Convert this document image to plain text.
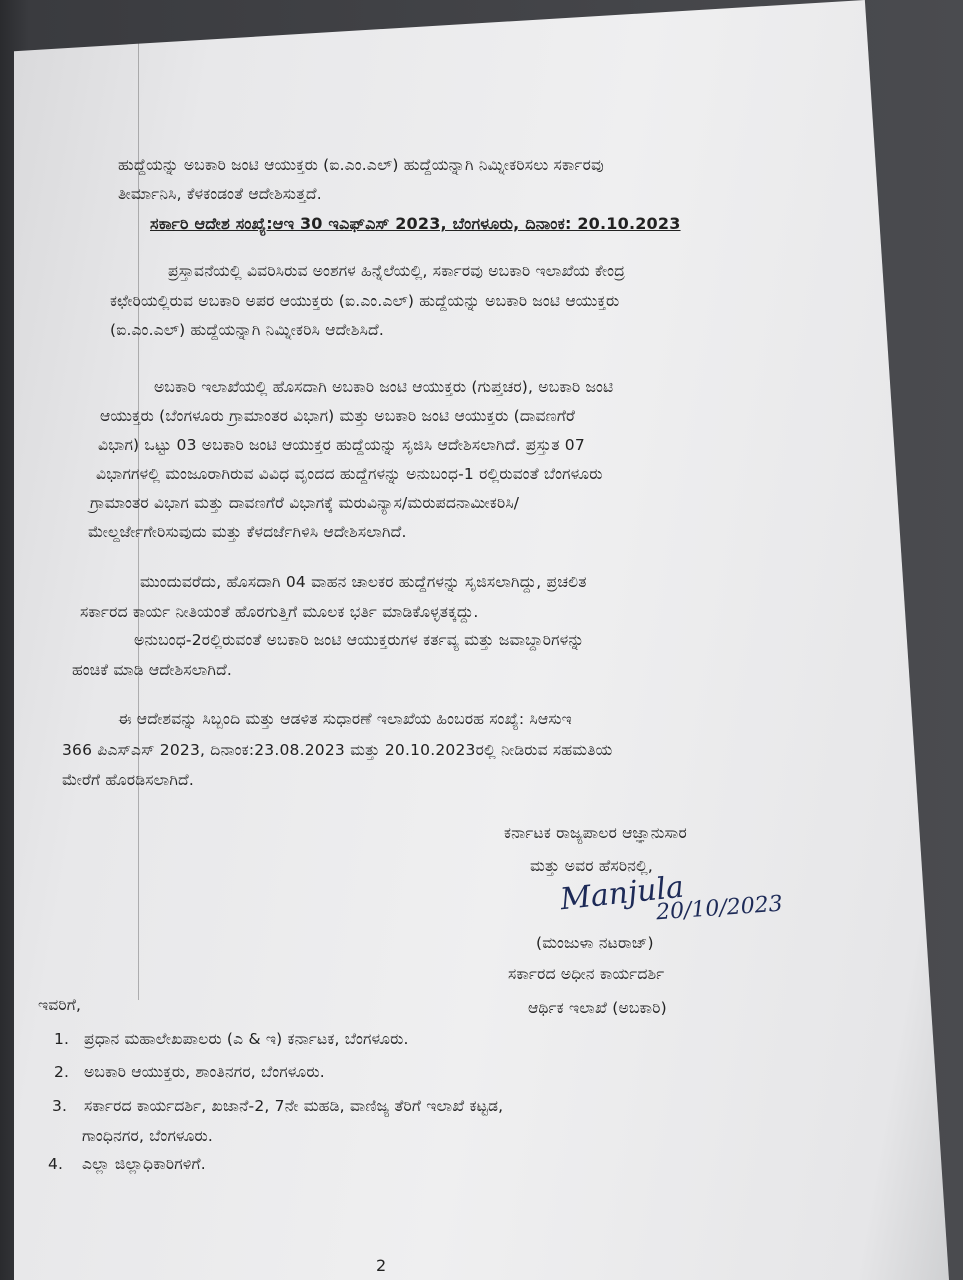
ಹುದ್ದೆಯನ್ನು ಅಬಕಾರಿ ಜಂಟಿ ಆಯುಕ್ತರು (ಐ.ಎಂ.ಎಲ್) ಹುದ್ದೆಯನ್ನಾಗಿ ನಿಮ್ನೀಕರಿಸಲು ಸರ್ಕಾರವು
ತೀರ್ಮಾನಿಸಿ, ಕೆಳಕಂಡಂತೆ ಆದೇಶಿಸುತ್ತದೆ.
ಸರ್ಕಾರಿ ಆದೇಶ ಸಂಖ್ಯೆ:ಆಇ 30 ಇಎಫ್‌ಎಸ್ 2023, ಬೆಂಗಳೂರು, ದಿನಾಂಕ: 20.10.2023
ಪ್ರಸ್ತಾವನೆಯಲ್ಲಿ ವಿವರಿಸಿರುವ ಅಂಶಗಳ ಹಿನ್ನೆಲೆಯಲ್ಲಿ, ಸರ್ಕಾರವು ಅಬಕಾರಿ ಇಲಾಖೆಯ ಕೇಂದ್ರ
ಕಛೇರಿಯಲ್ಲಿರುವ ಅಬಕಾರಿ ಅಪರ ಆಯುಕ್ತರು (ಐ.ಎಂ.ಎಲ್) ಹುದ್ದೆಯನ್ನು ಅಬಕಾರಿ ಜಂಟಿ ಆಯುಕ್ತರು
(ಐ.ಎಂ.ಎಲ್) ಹುದ್ದೆಯನ್ನಾಗಿ ನಿಮ್ನೀಕರಿಸಿ ಆದೇಶಿಸಿದೆ.
ಅಬಕಾರಿ ಇಲಾಖೆಯಲ್ಲಿ ಹೊಸದಾಗಿ ಅಬಕಾರಿ ಜಂಟಿ ಆಯುಕ್ತರು (ಗುಪ್ತಚರ), ಅಬಕಾರಿ ಜಂಟಿ
ಆಯುಕ್ತರು (ಬೆಂಗಳೂರು ಗ್ರಾಮಾಂತರ ವಿಭಾಗ) ಮತ್ತು ಅಬಕಾರಿ ಜಂಟಿ ಆಯುಕ್ತರು (ದಾವಣಗೆರೆ
ವಿಭಾಗ) ಒಟ್ಟು 03 ಅಬಕಾರಿ ಜಂಟಿ ಆಯುಕ್ತರ ಹುದ್ದೆಯನ್ನು ಸೃಜಿಸಿ ಆದೇಶಿಸಲಾಗಿದೆ. ಪ್ರಸ್ತುತ 07
ವಿಭಾಗಗಳಲ್ಲಿ ಮಂಜೂರಾಗಿರುವ ವಿವಿಧ ವೃಂದದ ಹುದ್ದೆಗಳನ್ನು ಅನುಬಂಧ-1 ರಲ್ಲಿರುವಂತೆ ಬೆಂಗಳೂರು
ಗ್ರಾಮಾಂತರ ವಿಭಾಗ ಮತ್ತು ದಾವಣಗೆರೆ ವಿಭಾಗಕ್ಕೆ ಮರುವಿನ್ಯಾಸ/ಮರುಪದನಾಮೀಕರಿಸಿ/
ಮೇಲ್ದರ್ಜೇಗೇರಿಸುವುದು ಮತ್ತು ಕೆಳದರ್ಜೆಗಿಳಿಸಿ ಆದೇಶಿಸಲಾಗಿದೆ.
ಮುಂದುವರೆದು, ಹೊಸದಾಗಿ 04 ವಾಹನ ಚಾಲಕರ ಹುದ್ದೆಗಳನ್ನು ಸೃಜಿಸಲಾಗಿದ್ದು, ಪ್ರಚಲಿತ
ಸರ್ಕಾರದ ಕಾರ್ಯ ನೀತಿಯಂತೆ ಹೊರಗುತ್ತಿಗೆ ಮೂಲಕ ಭರ್ತಿ ಮಾಡಿಕೊಳ್ಳತಕ್ಕದ್ದು.
ಅನುಬಂಧ-2ರಲ್ಲಿರುವಂತೆ ಅಬಕಾರಿ ಜಂಟಿ ಆಯುಕ್ತರುಗಳ ಕರ್ತವ್ಯ ಮತ್ತು ಜವಾಬ್ದಾರಿಗಳನ್ನು
ಹಂಚಿಕೆ ಮಾಡಿ ಆದೇಶಿಸಲಾಗಿದೆ.
ಈ ಆದೇಶವನ್ನು ಸಿಬ್ಬಂದಿ ಮತ್ತು ಆಡಳಿತ ಸುಧಾರಣೆ ಇಲಾಖೆಯ ಹಿಂಬರಹ ಸಂಖ್ಯೆ: ಸಿಆಸುಇ
366 ಪಿಎಸ್‌ಎಸ್ 2023, ದಿನಾಂಕ:23.08.2023 ಮತ್ತು 20.10.2023ರಲ್ಲಿ ನೀಡಿರುವ ಸಹಮತಿಯ
ಮೇರೆಗೆ ಹೊರಡಿಸಲಾಗಿದೆ.
ಕರ್ನಾಟಕ ರಾಜ್ಯಪಾಲರ ಆಜ್ಞಾನುಸಾರ
ಮತ್ತು ಅವರ ಹೆಸರಿನಲ್ಲಿ,
Manjula
20/10/2023
(ಮಂಜುಳಾ ನಟರಾಜ್)
ಸರ್ಕಾರದ ಅಧೀನ ಕಾರ್ಯದರ್ಶಿ
ಆರ್ಥಿಕ ಇಲಾಖೆ (ಅಬಕಾರಿ)
ಇವರಿಗೆ,
1. ಪ್ರಧಾನ ಮಹಾಲೇಖಪಾಲರು (ಎ & ಇ) ಕರ್ನಾಟಕ, ಬೆಂಗಳೂರು.
2. ಅಬಕಾರಿ ಆಯುಕ್ತರು, ಶಾಂತಿನಗರ, ಬೆಂಗಳೂರು.
3. ಸರ್ಕಾರದ ಕಾರ್ಯದರ್ಶಿ, ಖಜಾನೆ-2, 7ನೇ ಮಹಡಿ, ವಾಣಿಜ್ಯ ತೆರಿಗೆ ಇಲಾಖೆ ಕಟ್ಟಡ,
ಗಾಂಧಿನಗರ, ಬೆಂಗಳೂರು.
4. ಎಲ್ಲಾ ಜಿಲ್ಲಾಧಿಕಾರಿಗಳಿಗೆ.
2
